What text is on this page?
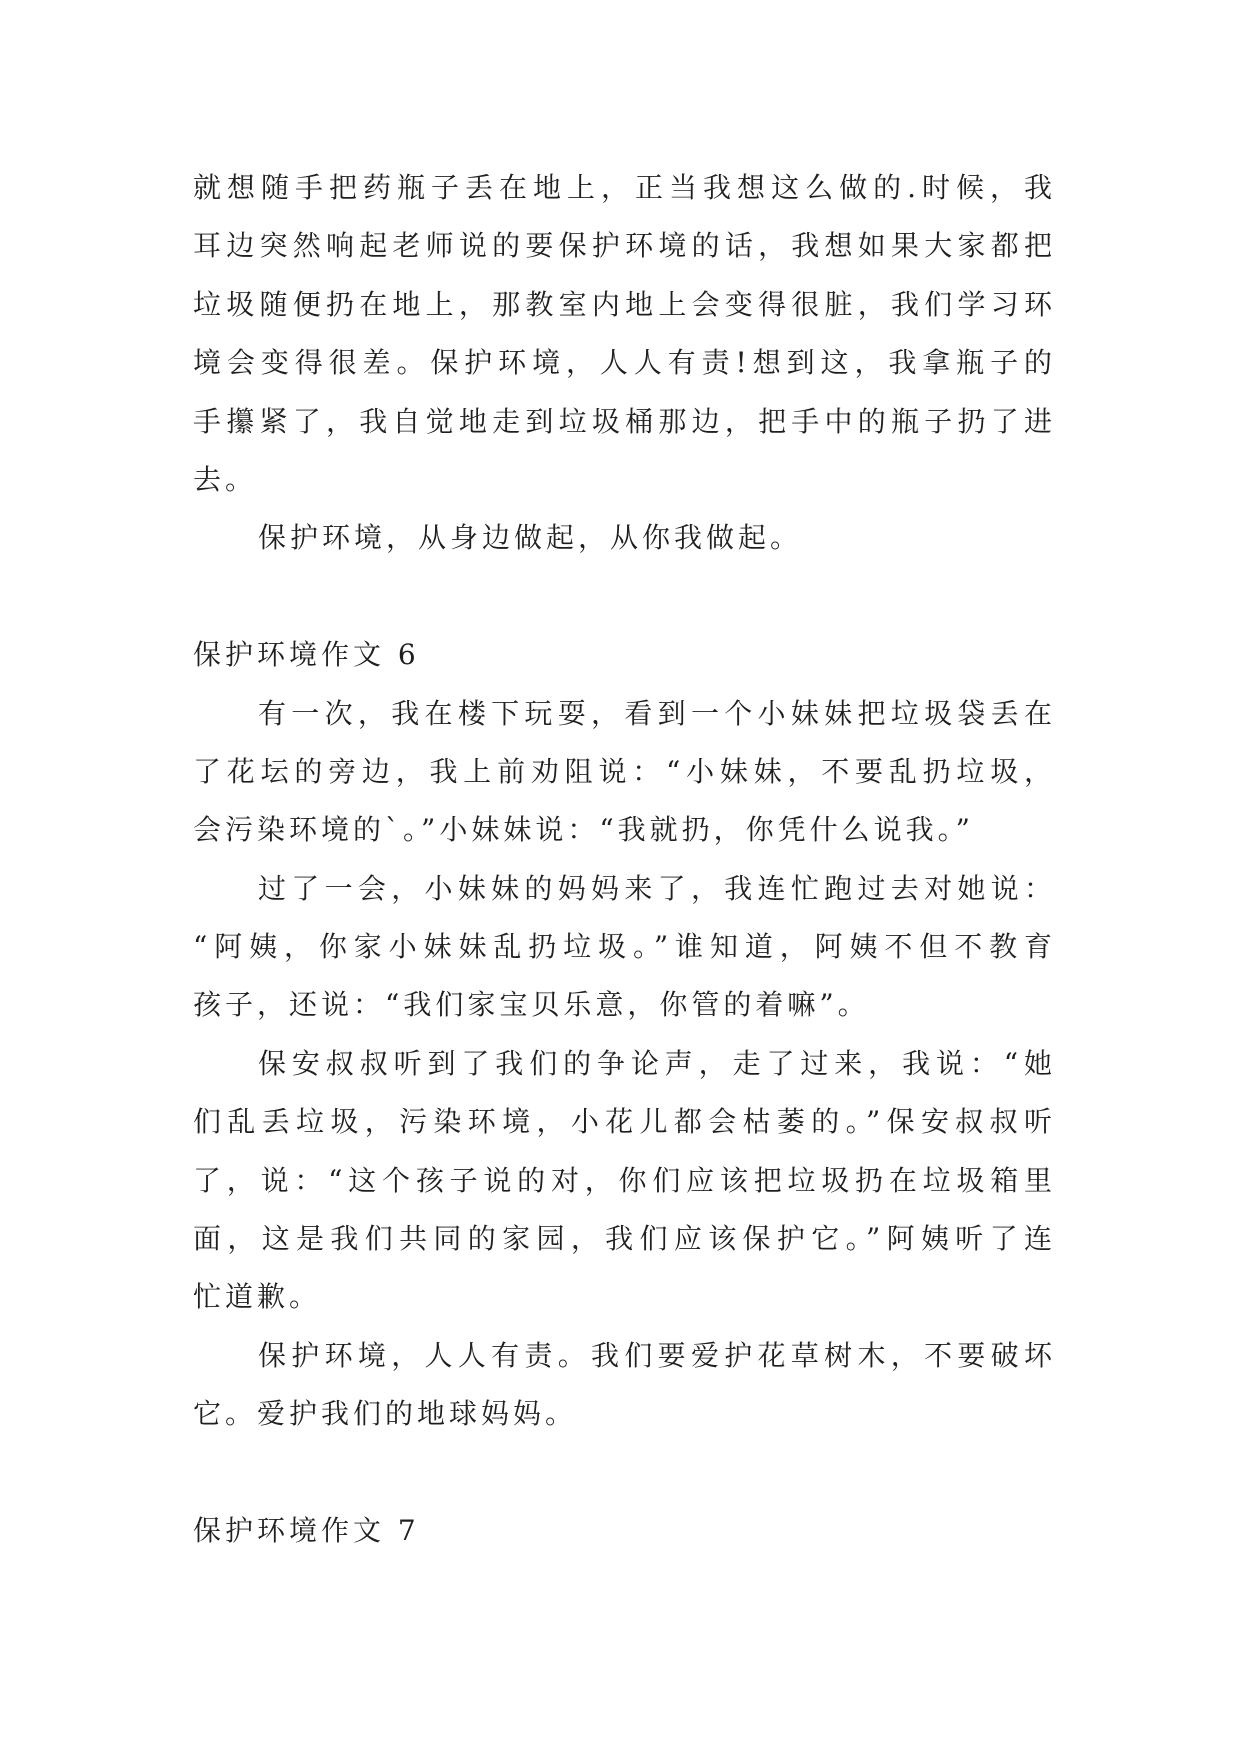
就想随手把药瓶子丢在地上，正当我想这么做的.时候，我
耳边突然响起老师说的要保护环境的话，我想如果大家都把
垃圾随便扔在地上，那教室内地上会变得很脏，我们学习环
境会变得很差。保护环境，人人有责!想到这，我拿瓶子的
手攥紧了，我自觉地走到垃圾桶那边，把手中的瓶子扔了进
去。
保护环境，从身边做起，从你我做起。
保护环境作文 6
有一次，我在楼下玩耍，看到一个小妹妹把垃圾袋丢在
了花坛的旁边，我上前劝阻说：“小妹妹，不要乱扔垃圾，
会污染环境的`。”小妹妹说：“我就扔，你凭什么说我。”
过了一会，小妹妹的妈妈来了，我连忙跑过去对她说：
“阿姨，你家小妹妹乱扔垃圾。”谁知道，阿姨不但不教育
孩子，还说：“我们家宝贝乐意，你管的着嘛”。
保安叔叔听到了我们的争论声，走了过来，我说：“她
们乱丢垃圾，污染环境，小花儿都会枯萎的。”保安叔叔听
了，说：“这个孩子说的对，你们应该把垃圾扔在垃圾箱里
面，这是我们共同的家园，我们应该保护它。”阿姨听了连
忙道歉。
保护环境，人人有责。我们要爱护花草树木，不要破坏
它。爱护我们的地球妈妈。
保护环境作文 7
